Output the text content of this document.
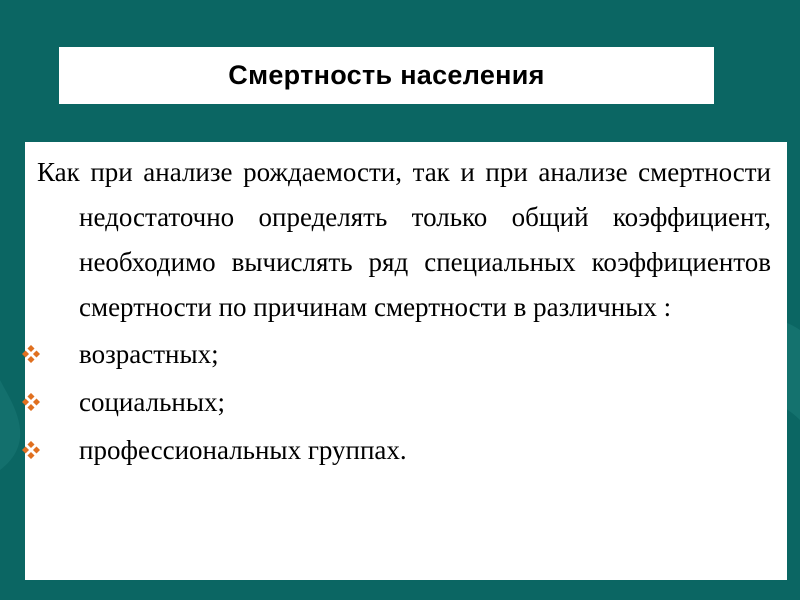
Смертность населения

Как при анализе рождаемости, так и при анализе смертности недостаточно определять только общий коэффициент, необходимо вычислять ряд специальных коэффициентов смертности по причинам смертности в различных :

возрастных;
социальных;
профессиональных группах.
